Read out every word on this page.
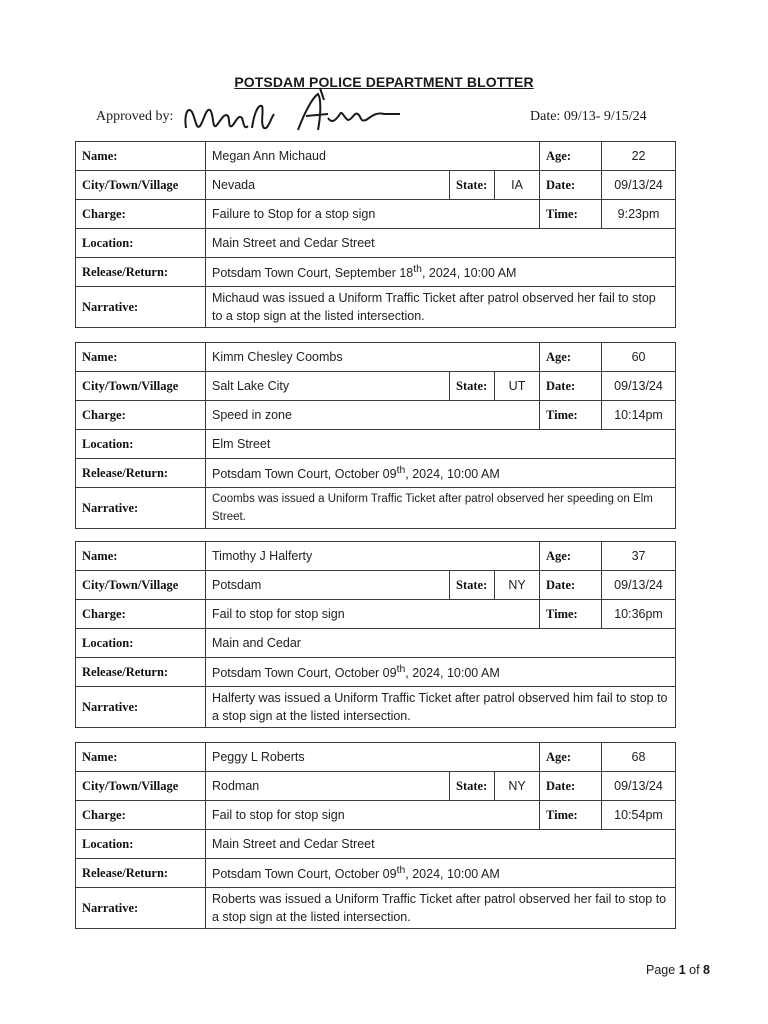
POTSDAM POLICE DEPARTMENT BLOTTER
Approved by:	Date: 09/13- 9/15/24
Name:	Megan Ann Michaud			Age:	22
City/Town/Village	Nevada	State:	IA	Date:	09/13/24
Charge:	Failure to Stop for a stop sign			Time:	9:23pm
Location:	Main Street and Cedar Street				
Release/Return:	Potsdam Town Court, September 18th, 2024, 10:00 AM				
Narrative:	Michaud was issued a Uniform Traffic Ticket after patrol observed her fail to stop to a stop sign at the listed intersection.				
Name:	Kimm Chesley Coombs			Age:	60
City/Town/Village	Salt Lake City	State:	UT	Date:	09/13/24
Charge:	Speed in zone			Time:	10:14pm
Location:	Elm Street				
Release/Return:	Potsdam Town Court, October 09th, 2024, 10:00 AM				
Narrative:	Coombs was issued a Uniform Traffic Ticket after patrol observed her speeding on Elm Street.				
Name:	Timothy J Halferty			Age:	37
City/Town/Village	Potsdam	State:	NY	Date:	09/13/24
Charge:	Fail to stop for stop sign			Time:	10:36pm
Location:	Main and Cedar				
Release/Return:	Potsdam Town Court, October 09th, 2024, 10:00 AM				
Narrative:	Halferty was issued a Uniform Traffic Ticket after patrol observed him fail to stop to a stop sign at the listed intersection.				
Name:	Peggy L Roberts			Age:	68
City/Town/Village	Rodman	State:	NY	Date:	09/13/24
Charge:	Fail to stop for stop sign			Time:	10:54pm
Location:	Main Street and Cedar Street				
Release/Return:	Potsdam Town Court, October 09th, 2024, 10:00 AM				
Narrative:	Roberts was issued a Uniform Traffic Ticket after patrol observed her fail to stop to a stop sign at the listed intersection.				
Page 1 of 8
